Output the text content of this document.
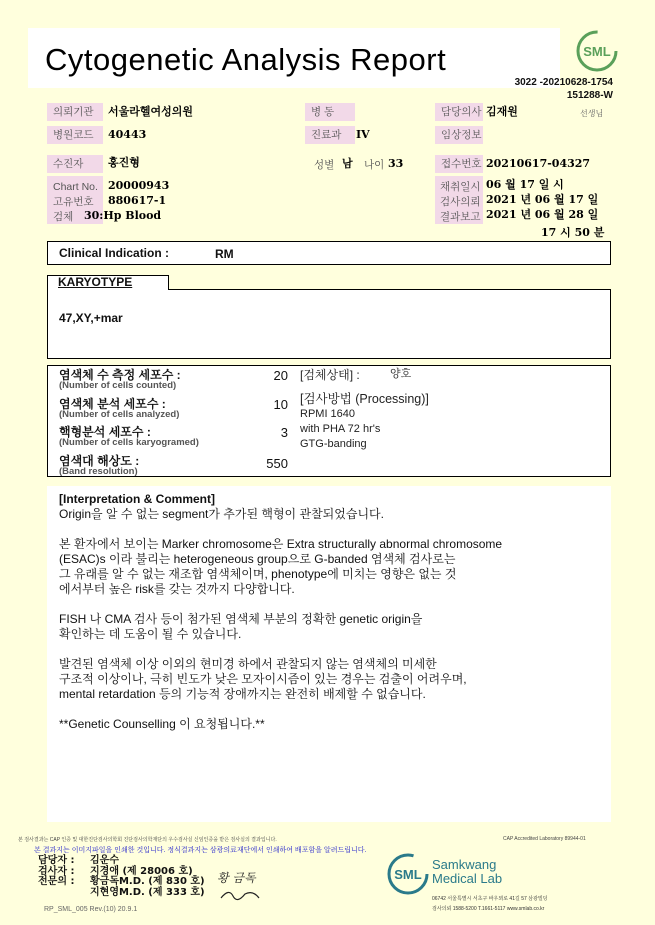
Cytogenetic Analysis Report	SML
3022 -20210628-1754
151288-W
의뢰기관	서울라헬여성의원	병 동	담당의사 김재원	선생님
병원코드	40443	진료과	IV	임상정보
수진자	홍진형	성별 남 나이 33	접수번호 20210617-04327
Chart No. 20000943
고유번호 880617-1
검체 30:Hp Blood
채취일시 06 월 17 일 시
검사의뢰 2021 년 06 월 17 일
결과보고 2021 년 06 월 28 일
17 시 50 분
Clinical Indication :	RM
KARYOTYPE
47,XY,+mar
염색체 수 측정 세포수 :
(Number of cells counted)
20
염색체 분석 세포수 :
(Number of cells analyzed)
10
핵형분석 세포수 :
(Number of cells karyogramed)
3
염색대 해상도 :
(Band resolution)
550
[검체상태] :	양호
[검사방법 (Processing)]
RPMI 1640
with PHA 72 hr's
GTG-banding
[Interpretation & Comment]

Origin을 알 수 없는 segment가 추가된 핵형이 관찰되었습니다.

본 환자에서 보이는 Marker chromosome은 Extra structurally abnormal chromosome
(ESAC)s 이라 불리는 heterogeneous group으로 G-banded 염색체 검사로는
그 유래를 알 수 없는 재조합 염색체이며, phenotype에 미치는 영향은 없는 것
에서부터 높은 risk를 갖는 것까지 다양합니다.

FISH 나 CMA 검사 등이 첨가된 염색체 부분의 정확한 genetic origin을
확인하는 데 도움이 될 수 있습니다.

발견된 염색체 이상 이외의 현미경 하에서 관찰되지 않는 염색체의 미세한
구조적 이상이나, 극히 빈도가 낮은 모자이시즘이 있는 경우는 검출이 어려우며,
mental retardation 등의 기능적 장애까지는 완전히 배제할 수 없습니다.

**Genetic Counselling 이 요청됩니다.**

본 검사결과는 CAP 인증 및 대한진단검사의학회 진단검사의학재단의 우수검사실 신임인증을 받은 검사실의 결과입니다.	CAP Accredited Laboratory 89944-01
본 결과지는 이미지파일을 인쇄한 것입니다. 정식결과지는 삼광의료재단에서 인쇄하여 배포함을 알려드립니다.
담당자 : 김운수
검사자 : 지경애 (제 28006 호)
전문의 : 황금독M.D. (제 830 호)
지현영M.D. (제 333 호)
황 금독	SML
Samkwang
Medical Lab
06742 서울특별시 서초구 바우뫼로 41길 57 삼광빌딩
검사의뢰 1588-5200 T.1661-5117 www.smlab.co.kr
RP_SML_005 Rev.(10) 20.9.1
